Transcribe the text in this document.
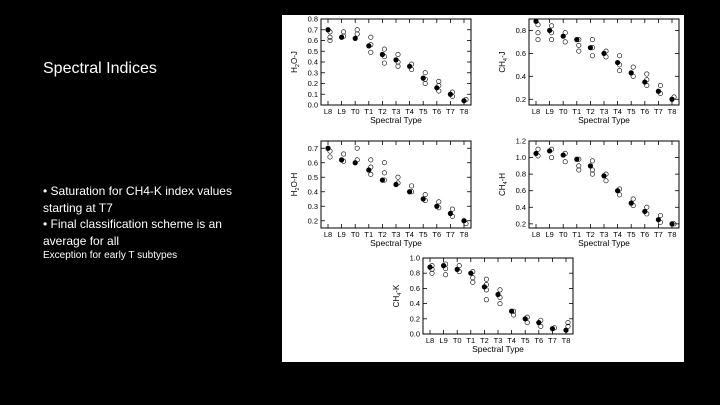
Spectral Indices
• Saturation for CH4-K index values starting at T7
• Final classification scheme is an average for all
Exception for early T subtypes
0.0
0.1
0.2
0.3
0.4
0.5
0.6
0.7
0.8
L8 L9 T0 T1 T2 T3 T4 T5 T6 T7 T8
Spectral Type
$H_2O-J$
0.2
0.4
0.6
0.8
L8 L9 T0 T1 T2 T3 T4 T5 T6 T7 T8
Spectral Type
$CH_4-J$
0.2
0.3
0.4
0.5
0.6
0.7
L8 L9 T0 T1 T2 T3 T4 T5 T6 T7 T8
Spectral Type
$H_2O-H$
0.2
0.4
0.6
0.8
1.0
1.2
L8 L9 T0 T1 T2 T3 T4 T5 T6 T7 T8
Spectral Type
$CH_4-H$
0.0
0.2
0.4
0.6
0.8
1.0
L8 L9 T0 T1 T2 T3 T4 T5 T6 T7 T8
Spectral Type
$CH_4-K$
